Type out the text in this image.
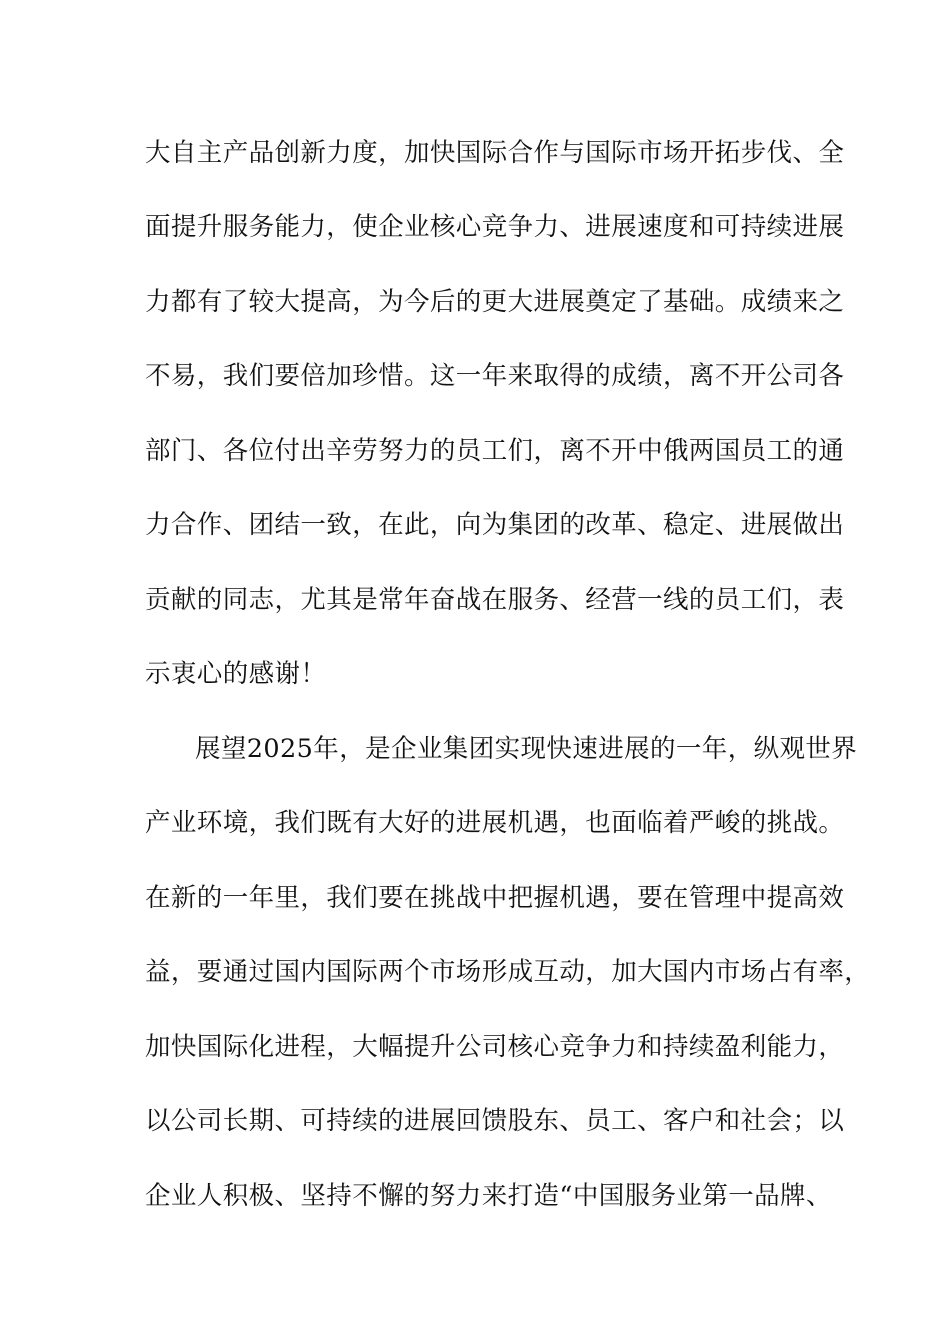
大自主产品创新力度，加快国际合作与国际市场开拓步伐、全
面提升服务能力，使企业核心竞争力、进展速度和可持续进展
力都有了较大提高，为今后的更大进展奠定了基础。成绩来之
不易，我们要倍加珍惜。这一年来取得的成绩，离不开公司各
部门、各位付出辛劳努力的员工们，离不开中俄两国员工的通
力合作、团结一致，在此，向为集团的改革、稳定、进展做出
贡献的同志，尤其是常年奋战在服务、经营一线的员工们，表
示衷心的感谢！
展望2025年，是企业集团实现快速进展的一年，纵观世界
产业环境，我们既有大好的进展机遇，也面临着严峻的挑战。
在新的一年里，我们要在挑战中把握机遇，要在管理中提高效
益，要通过国内国际两个市场形成互动，加大国内市场占有率，
加快国际化进程，大幅提升公司核心竞争力和持续盈利能力，
以公司长期、可持续的进展回馈股东、员工、客户和社会；以
企业人积极、坚持不懈的努力来打造“中国服务业第一品牌、
